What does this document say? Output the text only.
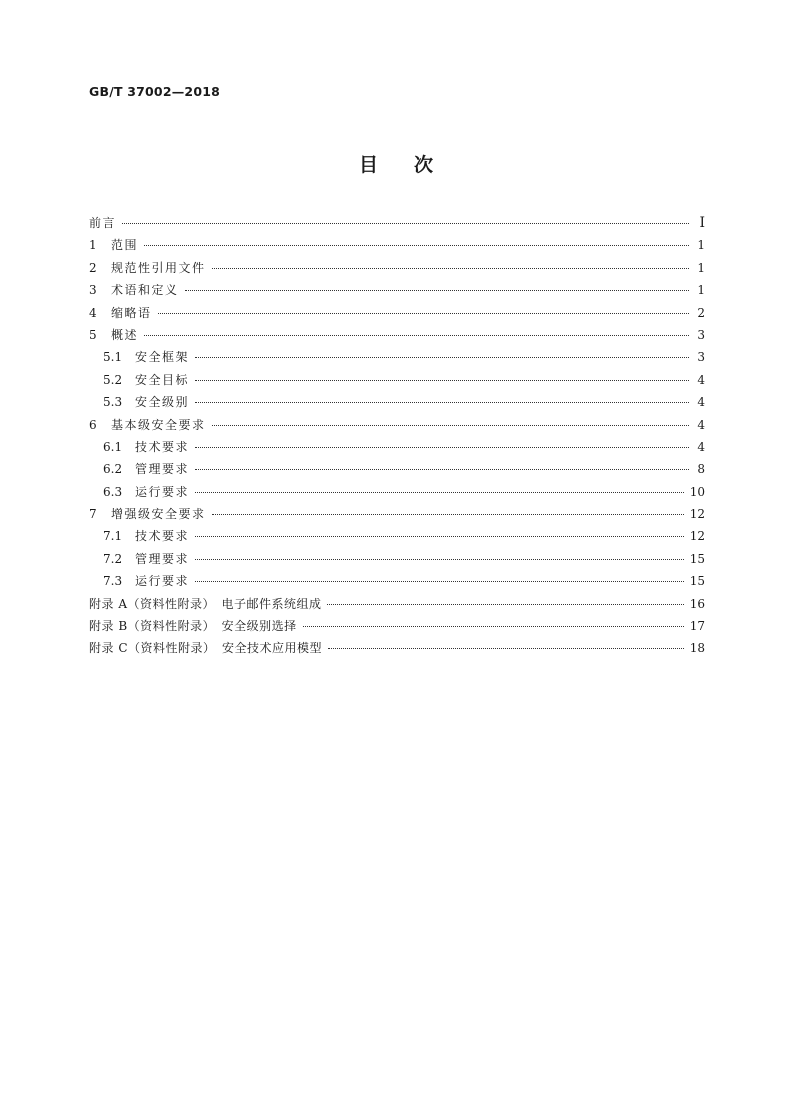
GB/T 37002—2018
目次
前言	I
1	范围	1
2	规范性引用文件	1
3	术语和定义	1
4	缩略语	2
5	概述	3
5.1	安全框架	3
5.2	安全目标	4
5.3	安全级别	4
6	基本级安全要求	4
6.1	技术要求	4
6.2	管理要求	8
6.3	运行要求	10
7	增强级安全要求	12
7.1	技术要求	12
7.2	管理要求	15
7.3	运行要求	15
附录 A（资料性附录）　电子邮件系统组成	16
附录 B（资料性附录）　安全级别选择	17
附录 C（资料性附录）　安全技术应用模型	18
